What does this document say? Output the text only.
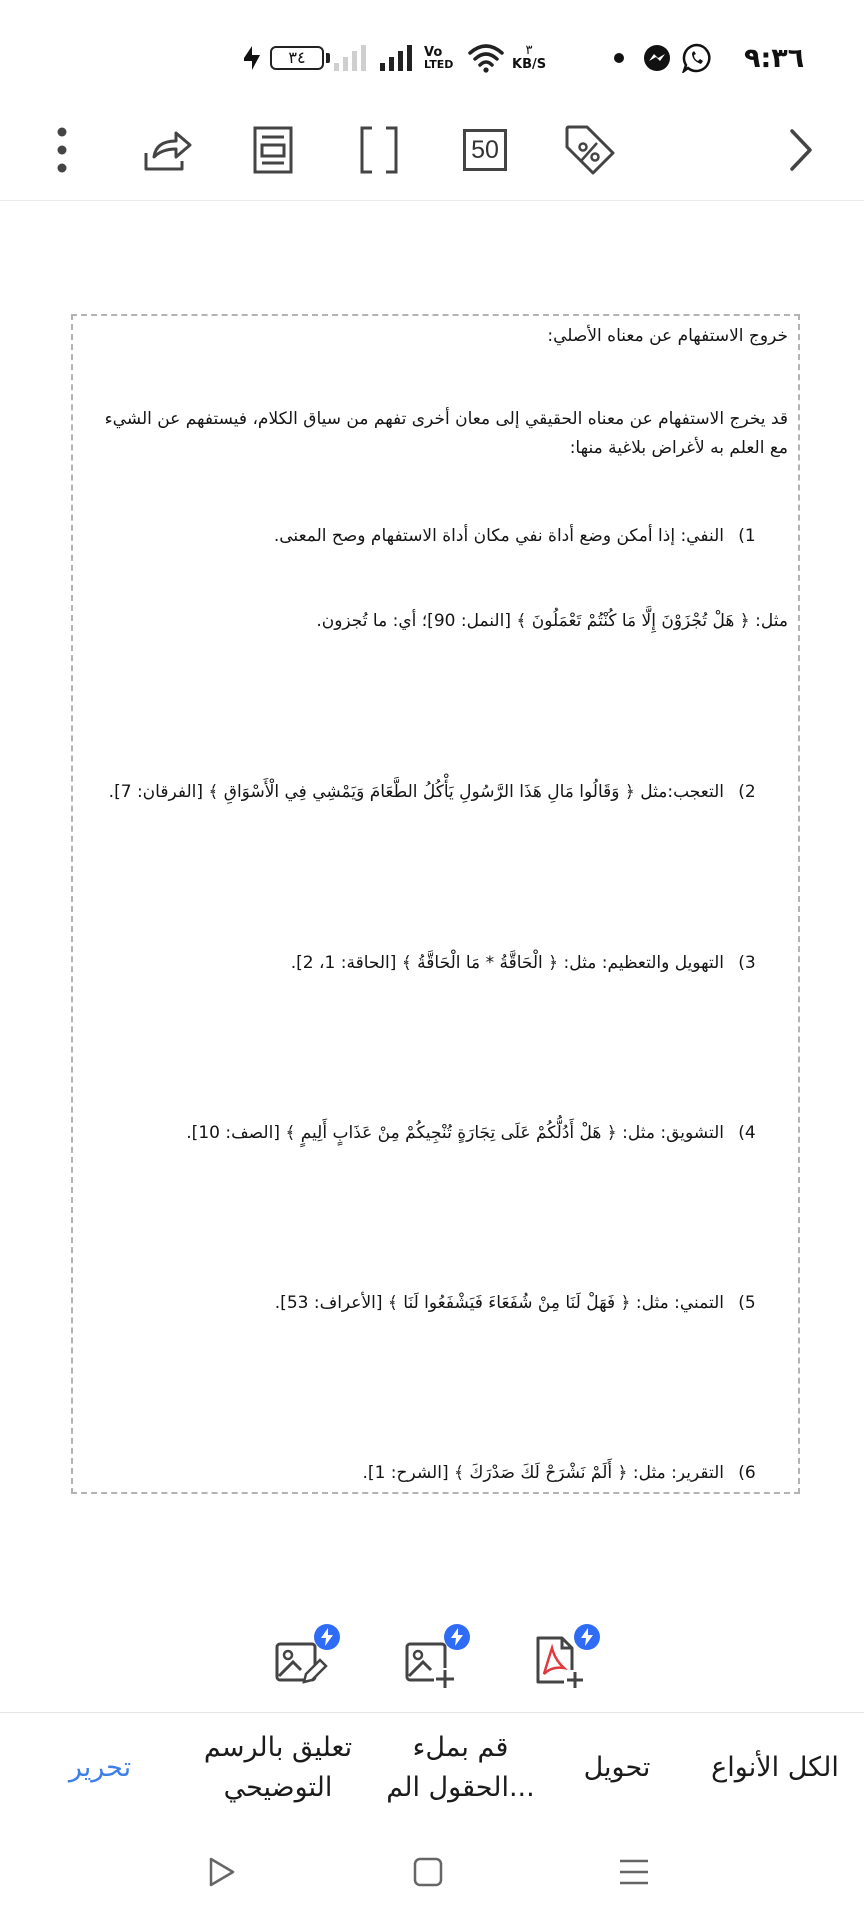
٣٤	Vo
LTED
٣
KB/S	٩:٣٦
50
خروج الاستفهام عن معناه الأصلي:
قد يخرج الاستفهام عن معناه الحقيقي إلى معان أخرى تفهم من سياق الكلام، فيستفهم عن الشيء مع العلم به لأغراض بلاغية منها:
1)
النفي: إذا أمكن وضع أداة نفي مكان أداة الاستفهام وصح المعنى.
مثل: ﴿ هَلْ تُجْزَوْنَ إِلَّا مَا كُنْتُمْ تَعْمَلُونَ ﴾ [النمل: 90]؛ أي: ما تُجزون.
2)
التعجب:مثل ﴿ وَقَالُوا مَالِ هَذَا الرَّسُولِ يَأْكُلُ الطَّعَامَ وَيَمْشِي فِي الْأَسْوَاقِ ﴾ [الفرقان: 7].
3)
التهويل والتعظيم: مثل: ﴿ الْحَاقَّةُ * مَا الْحَاقَّةُ ﴾ [الحاقة: 1، 2].
4)
التشويق: مثل: ﴿ هَلْ أَدُلُّكُمْ عَلَى تِجَارَةٍ تُنْجِيكُمْ مِنْ عَذَابٍ أَلِيمٍ ﴾ [الصف: 10].
5)
التمني: مثل: ﴿ فَهَلْ لَنَا مِنْ شُفَعَاءَ فَيَشْفَعُوا لَنَا ﴾ [الأعراف: 53].
6)
التقرير: مثل: ﴿ أَلَمْ نَشْرَحْ لَكَ صَدْرَكَ ﴾ [الشرح: 1].
الكل الأنواع
تحويل
قم بملء الحقول الم...
تعليق بالرسم التوضيحي
تحرير
